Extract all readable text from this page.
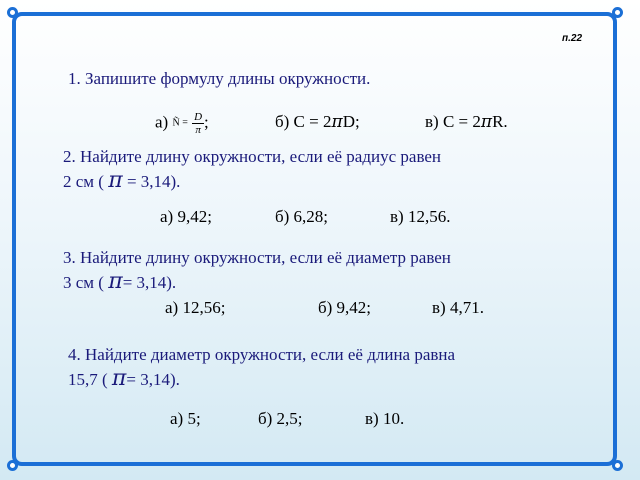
п.22
1. Запишите формулу длины окружности.
а) Ñ = $\frac{D}{\pi}$;	б) С = 2πD;	в) С = 2πR.
2. Найдите длину окружности, если её радиус равен
2 см ( π = 3,14).
а) 9,42;	б) 6,28;	в) 12,56.
3. Найдите длину окружности, если её диаметр равен
3 см ( π= 3,14).
а) 12,56;	б) 9,42;	в) 4,71.
4. Найдите диаметр окружности, если её длина равна
15,7 ( π= 3,14).
а) 5;	б) 2,5;	в) 10.
